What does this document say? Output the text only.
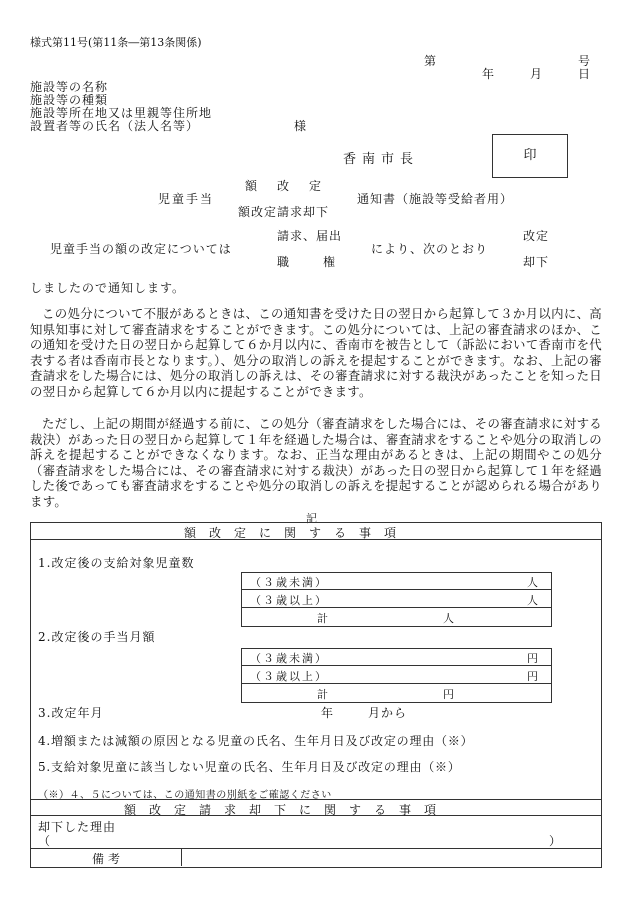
様式第11号(第11条―第13条関係)
第	号
年	月	日
施設等の名称
施設等の種類
施設等所在地又は里親等住所地
設置者等の氏名（法人名等）	様
香南市長	印
額改定
児童手当	通知書（施設等受給者用）
額改定請求却下
請求、届出
児童手当の額の改定については	により、次のとおり
職権
改定
却下
しましたので通知します。
この処分について不服があるときは、この通知書を受けた日の翌日から起算して３か月以内に、高知県知事に対して審査請求をすることができます。この処分については、上記の審査請求のほか、この通知を受けた日の翌日から起算して６か月以内に、香南市を被告として（訴訟において香南市を代表する者は香南市長となります。）、処分の取消しの訴えを提起することができます。なお、上記の審査請求をした場合には、処分の取消しの訴えは、その審査請求に対する裁決があったことを知った日の翌日から起算して６か月以内に提起することができます。
ただし、上記の期間が経過する前に、この処分（審査請求をした場合には、その審査請求に対する裁決）があった日の翌日から起算して１年を経過した場合は、審査請求をすることや処分の取消しの訴えを提起することができなくなります。なお、正当な理由があるときは、上記の期間やこの処分（審査請求をした場合には、その審査請求に対する裁決）があった日の翌日から起算して１年を経過した後であっても審査請求をすることや処分の取消しの訴えを提起することが認められる場合があります。
記
額改定に関する事項
1.改定後の支給対象児童数
（３歳未満）	人
（３歳以上）	人
計	人
2.改定後の手当月額
（３歳未満）	円
（３歳以上）	円
計	円
3.改定年月	年	月から
4.増額または減額の原因となる児童の氏名、生年月日及び改定の理由（※）
5.支給対象児童に該当しない児童の氏名、生年月日及び改定の理由（※）
（※）４、５については、この通知書の別紙をご確認ください
額改定請求却下に関する事項
却下した理由
（	）
備考
